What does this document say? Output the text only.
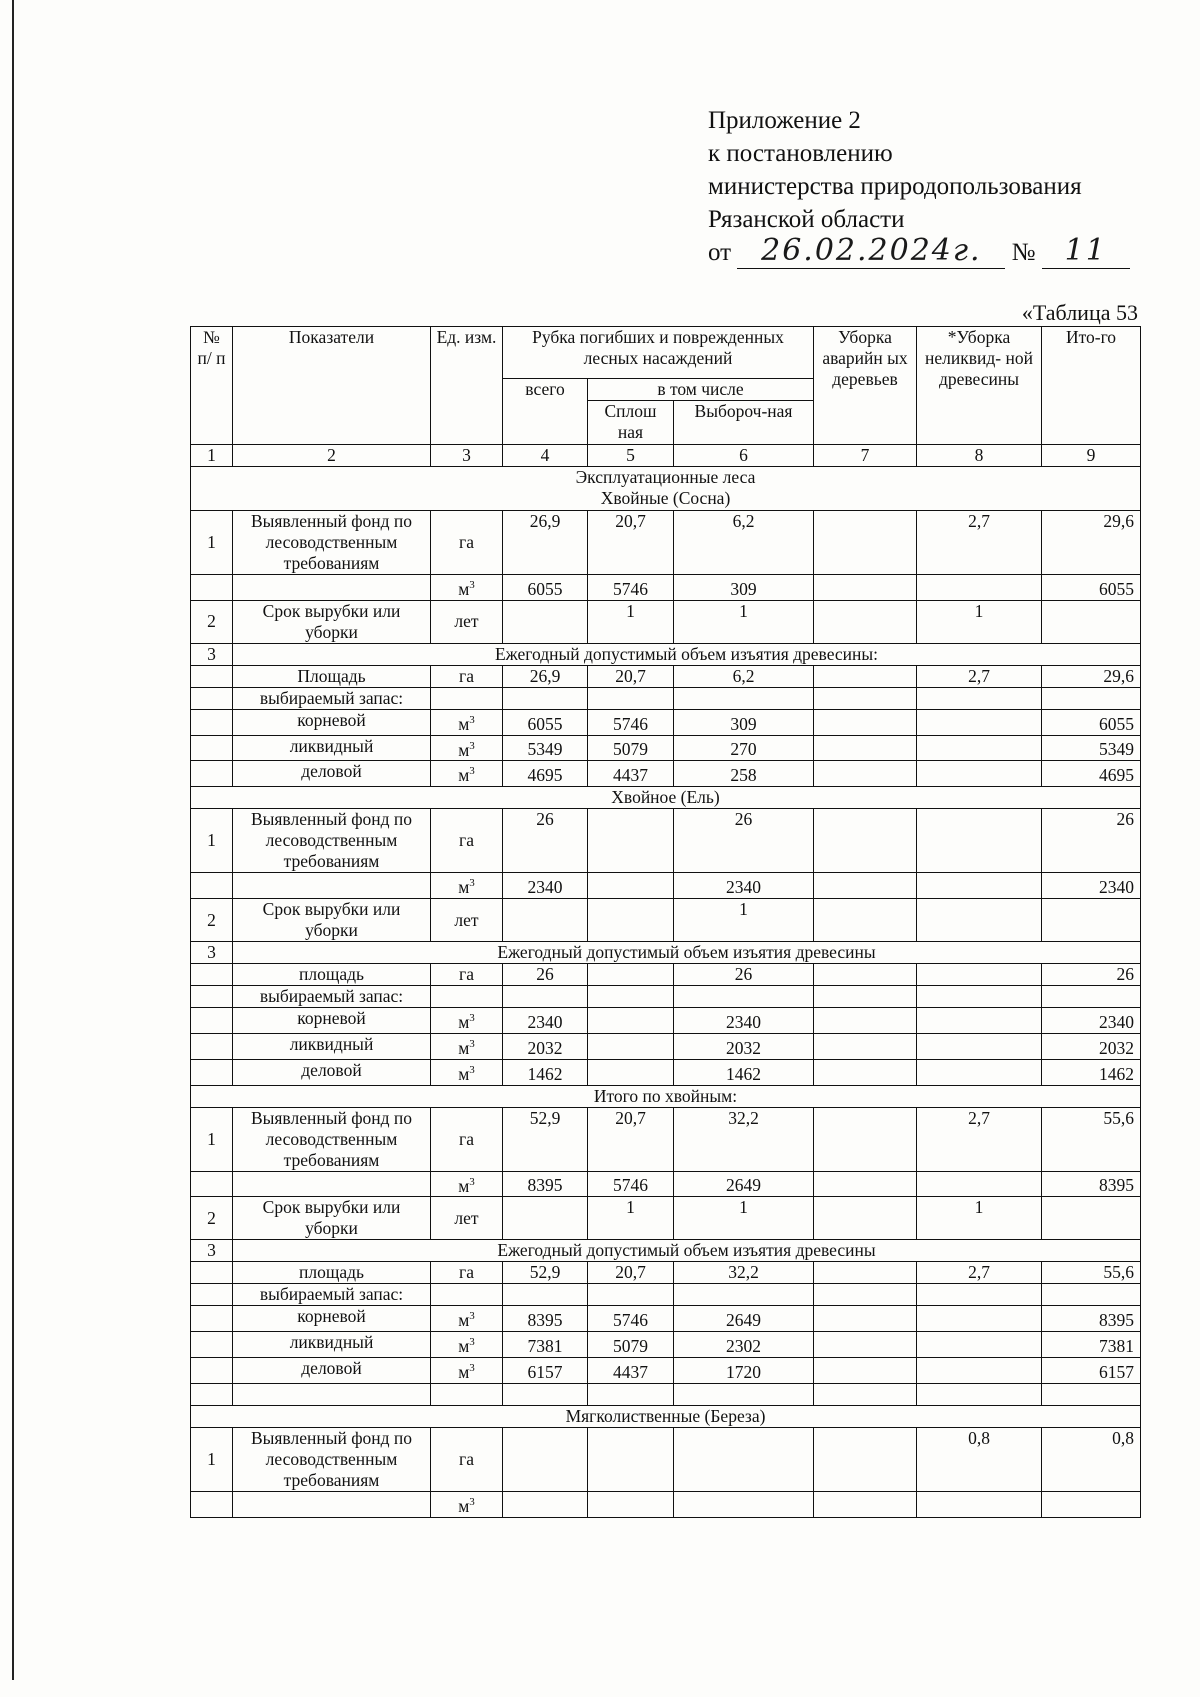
Приложение 2
к постановлению
министерства природопользования
Рязанской области
от 26.02.2024г. № 11
«Таблица 53
№ п/ п	Показатели	Ед. изм.	Рубка погибших и поврежденных лесных насаждений			Уборка аварийн ых деревьев	*Уборка неликвид- ной древесины	Ито-го
			всего	в том числе				
				Сплош ная	Выбороч-ная			
1	2	3	4	5	6	7	8	9

Эксплуатационные леса
Хвойные (Сосна)								

1	Выявленный фонд по лесоводственным требованиям	га	26,9	20,7	6,2		2,7	29,6
		$м^3$	6055	5746	309			6055
2	Срок вырубки или уборки	лет		1	1		1	
3	Ежегодный допустимый объем изъятия древесины:							
	Площадь	га	26,9	20,7	6,2		2,7	29,6
	выбираемый запас:							
	корневой	$м^3$	6055	5746	309			6055
	ликвидный	$м^3$	5349	5079	270			5349
	деловой	$м^3$	4695	4437	258			4695
Хвойное (Ель)								
1	Выявленный фонд по лесоводственным требованиям	га	26		26			26
		$м^3$	2340		2340			2340
2	Срок вырубки или уборки	лет			1			
3	Ежегодный допустимый объем изъятия древесины							
	площадь	га	26		26			26
	выбираемый запас:							
	корневой	$м^3$	2340		2340			2340
	ликвидный	$м^3$	2032		2032			2032
	деловой	$м^3$	1462		1462			1462
Итого по хвойным:								
1	Выявленный фонд по лесоводственным требованиям	га	52,9	20,7	32,2		2,7	55,6
		$м^3$	8395	5746	2649			8395
2	Срок вырубки или уборки	лет		1	1		1	
3	Ежегодный допустимый объем изъятия древесины							
	площадь	га	52,9	20,7	32,2		2,7	55,6
	выбираемый запас:							
	корневой	$м^3$	8395	5746	2649			8395
	ликвидный	$м^3$	7381	5079	2302			7381
	деловой	$м^3$	6157	4437	1720			6157

Мягколиственные (Береза)								
1	Выявленный фонд по лесоводственным требованиям	га					0,8	0,8
		$м^3$						
